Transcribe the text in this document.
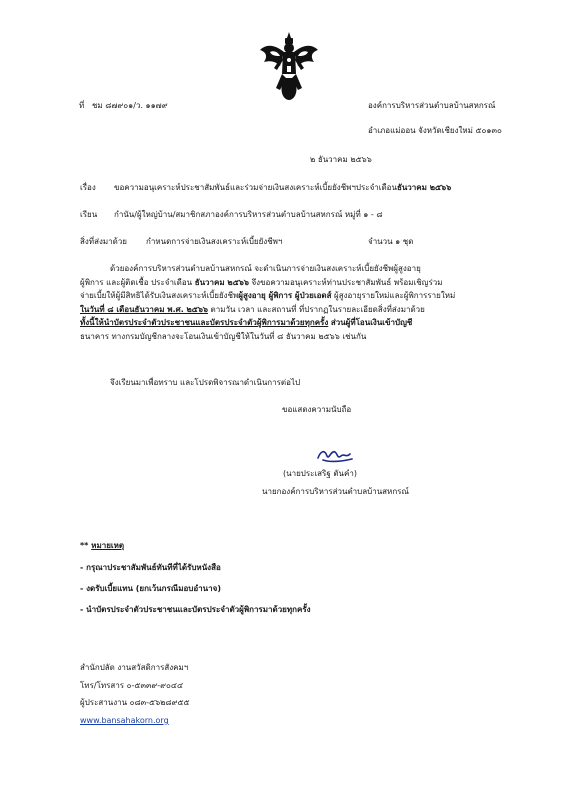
ที่ ชม ๘๗๙๐๑/ว. ๑๑๗๙	องค์การบริหารส่วนตำบลบ้านสหกรณ์
อำเภอแม่ออน จังหวัดเชียงใหม่ ๕๐๑๓๐
๒ ธันวาคม ๒๕๖๖
เรื่อง ขอความอนุเคราะห์ประชาสัมพันธ์และร่วมจ่ายเงินสงเคราะห์เบี้ยยังชีพฯประจำเดือนธันวาคม ๒๕๖๖
เรียน กำนัน/ผู้ใหญ่บ้าน/สมาชิกสภาองค์การบริหารส่วนตำบลบ้านสหกรณ์ หมู่ที่ ๑ - ๘
สิ่งที่ส่งมาด้วย กำหนดการจ่ายเงินสงเคราะห์เบี้ยยังชีพฯ	จำนวน ๑ ชุด
ด้วยองค์การบริหารส่วนตำบลบ้านสหกรณ์ จะดำเนินการจ่ายเงินสงเคราะห์เบี้ยยังชีพผู้สูงอายุ
ผู้พิการ และผู้ติดเชื้อ ประจำเดือน ธันวาคม ๒๕๖๖ จึงขอความอนุเคราะห์ท่านประชาสัมพันธ์ พร้อมเชิญร่วม
จ่ายเบี้ยให้ผู้มีสิทธิได้รับเงินสงเคราะห์เบี้ยยังชีพผู้สูงอายุ ผู้พิการ ผู้ป่วยเอดส์ ผู้สูงอายุรายใหม่และผู้พิการรายใหม่
ในวันที่ ๘ เดือนธันวาคม พ.ศ. ๒๕๖๖ ตามวัน เวลา และสถานที่ ที่ปรากฏในรายละเอียดสิ่งที่ส่งมาด้วย
ทั้งนี้ให้นำบัตรประจำตัวประชาชนและบัตรประจำตัวผู้พิการมาด้วยทุกครั้ง ส่วนผู้ที่โอนเงินเข้าบัญชี
ธนาคาร ทางกรมบัญชีกลางจะโอนเงินเข้าบัญชีให้ในวันที่ ๘ ธันวาคม ๒๕๖๖ เช่นกัน
จึงเรียนมาเพื่อทราบ และโปรดพิจารณาดำเนินการต่อไป
ขอแสดงความนับถือ
(นายประเสริฐ ตันคำ)
นายกองค์การบริหารส่วนตำบลบ้านสหกรณ์
** หมายเหตุ
- กรุณาประชาสัมพันธ์ทันทีที่ได้รับหนังสือ
- งดรับเบี้ยแทน (ยกเว้นกรณีมอบอำนาจ)
- นำบัตรประจำตัวประชาชนและบัตรประจำตัวผู้พิการมาด้วยทุกครั้ง
สำนักปลัด งานสวัสดิการสังคมฯ
โทร/โทรสาร ๐-๕๓๓๙-๙๐๔๔
ผู้ประสานงาน ๐๘๓-๕๖๒๘๙๕๕
www.bansahakorn.org
